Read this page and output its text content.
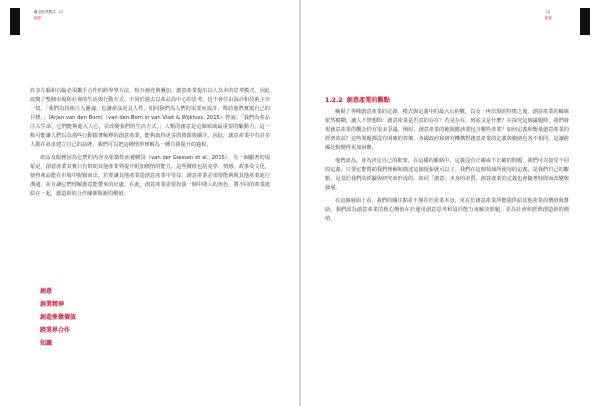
概念思考模式 22
創意

許多左腦和右腦必須攜手合作的跨界界方法，相互補充與疊加。創意產業提出以人為本的思考模式，因此改變了整個市場和社會的生活與行動方式。不同於過去以產品為中心的思考，也不會任由設計和技術主宰一切。「我們為技術注入靈魂，也讓產品更具人性。如同我們為人們的需要而設計，幫助他們實現自己的目標。」(Arjan van den Born)（van den Born in van Vliet & Wijkhuis, 2015）曾說：「我們為產品注入生命，它們能夠進入人心，並改變我們的生活方式。」人類的創意是這個領域最重要的驅動力，這一點可能讓人們以為那些行動跟著解釋的創意產業，能夠取得更多的資源與關注。因此，創意產業中有許多人都在尋求建立自己的品牌，我們可以把這種情形理解為一種自我提升的過程。

產品及服務因為它們的內容及象徵性而被購買（van der Giessen et al., 2015），另一個顯著的現象是，創意產業其實只有幫助其他產業界提升附加價值的能力。這些價值包括美學、情感、故事及文化，使得產品能在市場中脫穎而出。若要讓其他產業從創意產業中受益，創意產業必須要能夠與其他產業進行溝通，並且讓它們理解創意能帶來的好處。在此，創意產業需要扮演一個中間人的角色，將不同的產業連結在一起，創造新的合作關係與新的價值。

創意
創業精神
創造象徵價值
跨業界合作
知識
23
創意
1.2.2 創意產業的觀點

檢視了各種創意產業的定義，模式與定義中的最大公約數，以及一再出現的特徵之後，創意產業的輪廓依然模糊，讓人不禁想問：創意產業是否真的存在？若是存在，到底又是什麼？在探究這個議題時，我們發現創意產業的概念仍有很多爭議。例如，創意產業的範圍應該要包含哪些產業？如何定義和衡量創意產業的經濟效益？這些問題都沒有明確的答案。各國政府和研究機構對創意產業的定義與範圍也各不相同，這讓跨國比較變得更加困難。

他們認為，身為決定自己的框架，在這樣的脈絡中，定義沒有正確或不正確的問題，我們可以接受不同的定義，只要它能幫助我們理解和描述這個現象就可以了。我們在這個領域所使用的定義，是我們自己的觀點，是基於我們的經驗與研究而形成的。如同「創意」本身的本質，創意產業的定義也會隨著時間而改變與發展。

在這個層面上看，我們的關注點並不僅在於產業本身，更在於創意產業所能提供給其他產業的價值與幫助。我們認為創意產業的核心價值在於運用創意思考和設計能力來解決問題，並為社會和經濟創造新的價值。
